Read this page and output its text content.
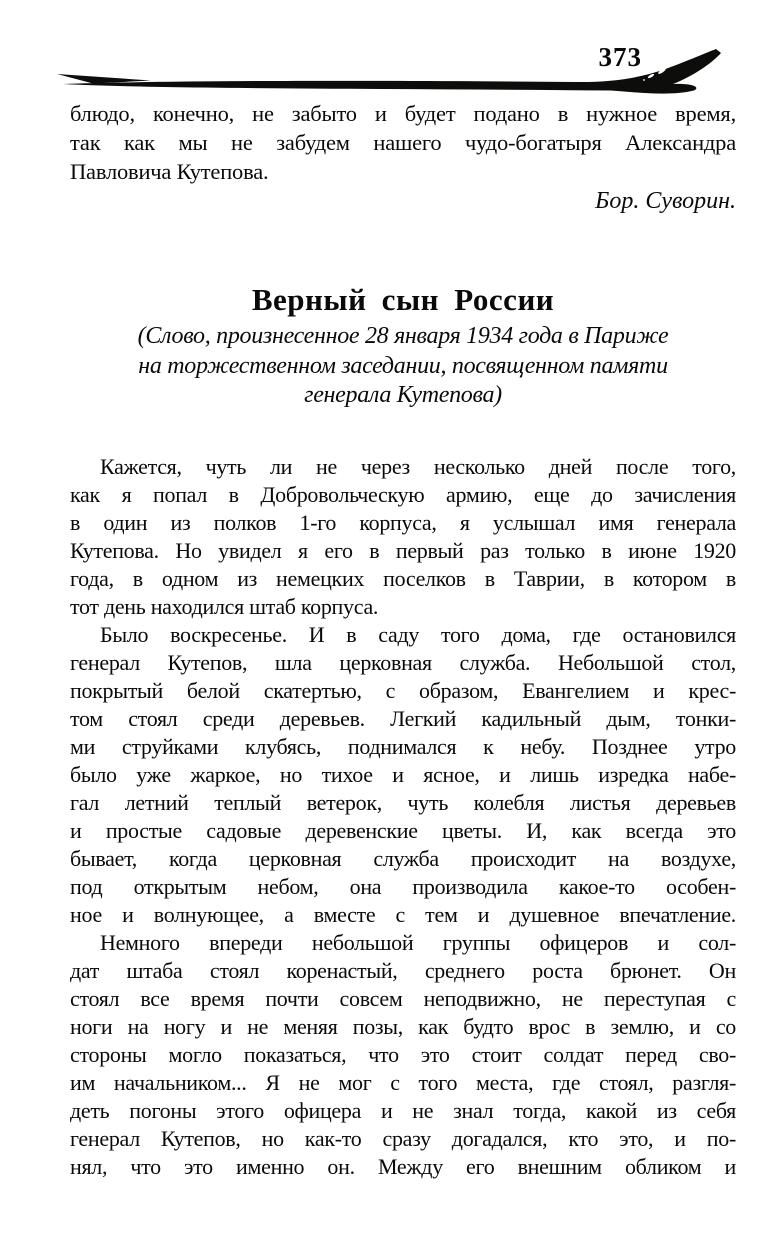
373
блюдо, конечно, не забыто и будет подано в нужное время,
так как мы не забудем нашего чудо-богатыря Александра
Павловича Кутепова.
Бор. Суворин.
Верный сын России
(Слово, произнесенное 28 января 1934 года в Париже
на торжественном заседании, посвященном памяти
генерала Кутепова)
Кажется, чуть ли не через несколько дней после того,
как я попал в Добровольческую армию, еще до зачисления
в один из полков 1-го корпуса, я услышал имя генерала
Кутепова. Но увидел я его в первый раз только в июне 1920
года, в одном из немецких поселков в Таврии, в котором в
тот день находился штаб корпуса.
Было воскресенье. И в саду того дома, где остановился
генерал Кутепов, шла церковная служба. Небольшой стол,
покрытый белой скатертью, с образом, Евангелием и крес-
том стоял среди деревьев. Легкий кадильный дым, тонки-
ми струйками клубясь, поднимался к небу. Позднее утро
было уже жаркое, но тихое и ясное, и лишь изредка набе-
гал летний теплый ветерок, чуть колебля листья деревьев
и простые садовые деревенские цветы. И, как всегда это
бывает, когда церковная служба происходит на воздухе,
под открытым небом, она производила какое-то особен-
ное и волнующее, а вместе с тем и душевное впечатление.
Немного впереди небольшой группы офицеров и сол-
дат штаба стоял коренастый, среднего роста брюнет. Он
стоял все время почти совсем неподвижно, не переступая с
ноги на ногу и не меняя позы, как будто врос в землю, и со
стороны могло показаться, что это стоит солдат перед сво-
им начальником... Я не мог с того места, где стоял, разгля-
деть погоны этого офицера и не знал тогда, какой из себя
генерал Кутепов, но как-то сразу догадался, кто это, и по-
нял, что это именно он. Между его внешним обликом и
